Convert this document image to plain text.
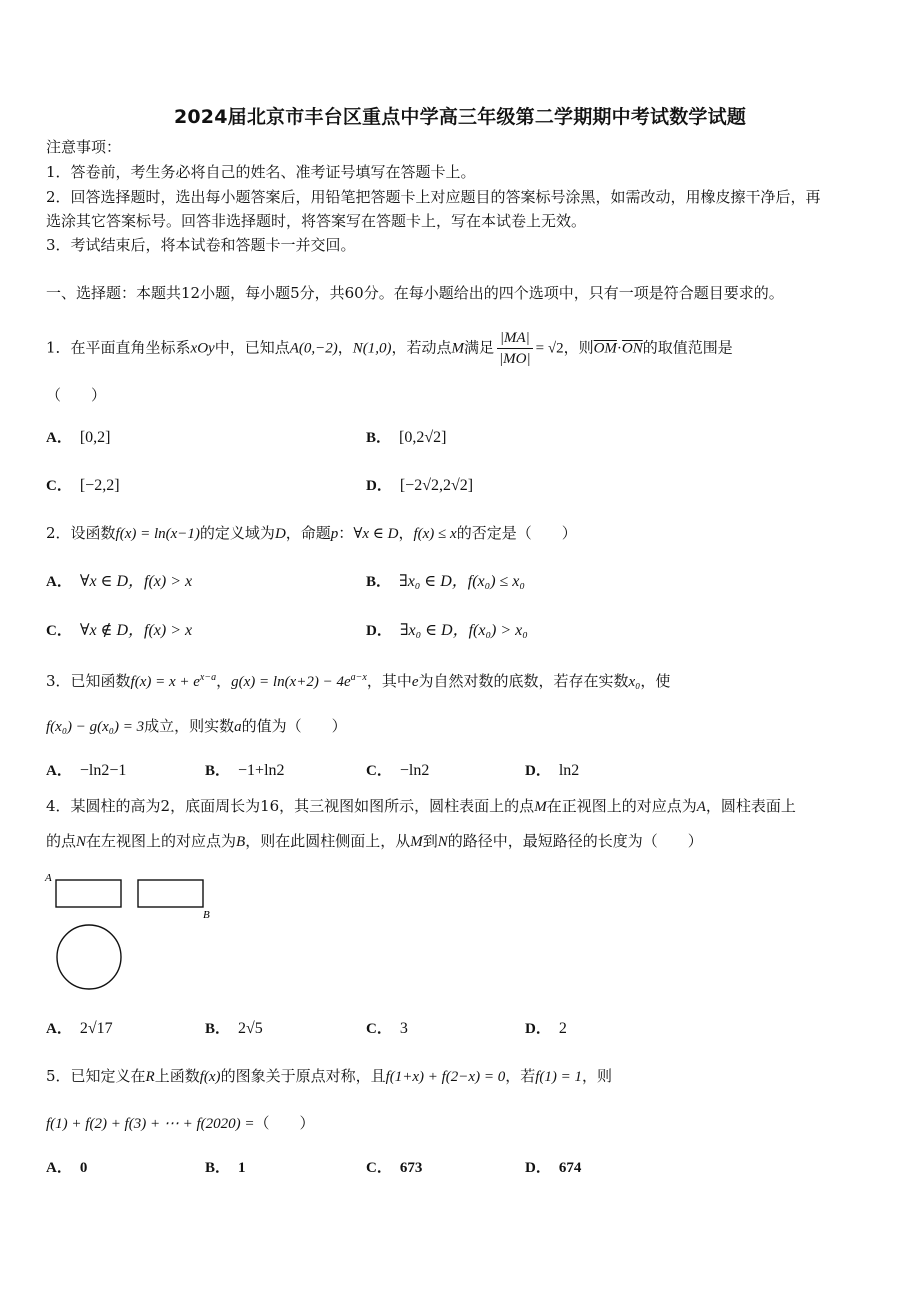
2024届北京市丰台区重点中学高三年级第二学期期中考试数学试题
注意事项：
1．答卷前，考生务必将自己的姓名、准考证号填写在答题卡上。
2．回答选择题时，选出每小题答案后，用铅笔把答题卡上对应题目的答案标号涂黑，如需改动，用橡皮擦干净后，再
选涂其它答案标号。回答非选择题时，将答案写在答题卡上，写在本试卷上无效。
3．考试结束后，将本试卷和答题卡一并交回。
一、选择题：本题共12小题，每小题5分，共60分。在每小题给出的四个选项中，只有一项是符合题目要求的。
1．在平面直角坐标系xOy中，已知点A(0,−2)，N(1,0)，若动点M满足 $\frac{|MA|}{|MO|} = √2$，则$\overline{OM}\cdot\overline{ON}$的取值范围是
（　　）
A． [0,2]	B． [0,2√2]
C． [−2,2]	D． [−2√2,2√2]
2．设函数f(x) = ln(x−1)的定义域为D，命题p：∀x ∈ D，f(x) ≤ x的否定是（　　）
A． ∀x ∈ D，f(x) > x	B． ∃x₀ ∈ D，f(x₀) ≤ x₀
C． ∀x ∉ D，f(x) > x	D． ∃x₀ ∈ D，f(x₀) > x₀
3．已知函数$f(x) = x + e^{x-a}$，$g(x) = \ln(x+2) - 4e^{a-x}$，其中e为自然对数的底数，若存在实数x₀，使
f(x₀) − g(x₀) = 3成立，则实数a的值为（　　）
A． −ln2−1	B． −1+ln2	C． −ln2	D． ln2
4．某圆柱的高为2，底面周长为16，其三视图如图所示，圆柱表面上的点M在正视图上的对应点为A，圆柱表面上
的点N在左视图上的对应点为B，则在此圆柱侧面上，从M到N的路径中，最短路径的长度为（　　）
A
B
A． 2√17	B． 2√5	C． 3	D． 2
5．已知定义在R上函数f(x)的图象关于原点对称，且f(1+x) + f(2−x) = 0，若f(1) = 1，则
f(1) + f(2) + f(3) + ⋯ + f(2020) =（　　）
A． 0	B． 1	C． 673	D． 674
